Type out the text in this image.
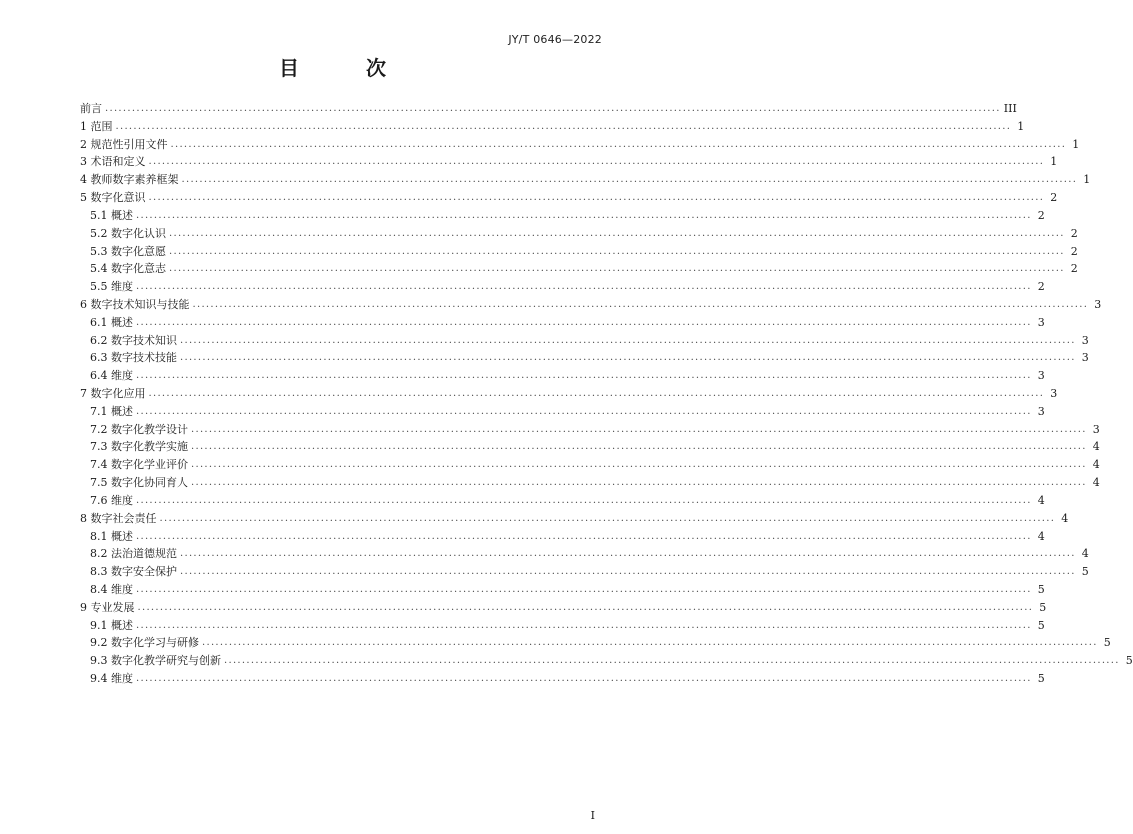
JY/T 0646—2022
目 次
前言 ........................................................................................................................................................................................................ III
1 范围 ........................................................................................................................................................................................................ 1
2 规范性引用文件 ........................................................................................................................................................................................................ 1
3 术语和定义 ........................................................................................................................................................................................................ 1
4 教师数字素养框架 ........................................................................................................................................................................................................ 1
5 数字化意识 ........................................................................................................................................................................................................ 2
5.1 概述 ........................................................................................................................................................................................................ 2
5.2 数字化认识 ........................................................................................................................................................................................................ 2
5.3 数字化意愿 ........................................................................................................................................................................................................ 2
5.4 数字化意志 ........................................................................................................................................................................................................ 2
5.5 维度 ........................................................................................................................................................................................................ 2
6 数字技术知识与技能 ........................................................................................................................................................................................................ 3
6.1 概述 ........................................................................................................................................................................................................ 3
6.2 数字技术知识 ........................................................................................................................................................................................................ 3
6.3 数字技术技能 ........................................................................................................................................................................................................ 3
6.4 维度 ........................................................................................................................................................................................................ 3
7 数字化应用 ........................................................................................................................................................................................................ 3
7.1 概述 ........................................................................................................................................................................................................ 3
7.2 数字化教学设计 ........................................................................................................................................................................................................ 3
7.3 数字化教学实施 ........................................................................................................................................................................................................ 4
7.4 数字化学业评价 ........................................................................................................................................................................................................ 4
7.5 数字化协同育人 ........................................................................................................................................................................................................ 4
7.6 维度 ........................................................................................................................................................................................................ 4
8 数字社会责任 ........................................................................................................................................................................................................ 4
8.1 概述 ........................................................................................................................................................................................................ 4
8.2 法治道德规范 ........................................................................................................................................................................................................ 4
8.3 数字安全保护 ........................................................................................................................................................................................................ 5
8.4 维度 ........................................................................................................................................................................................................ 5
9 专业发展 ........................................................................................................................................................................................................ 5
9.1 概述 ........................................................................................................................................................................................................ 5
9.2 数字化学习与研修 ........................................................................................................................................................................................................ 5
9.3 数字化教学研究与创新 ........................................................................................................................................................................................................ 5
9.4 维度 ........................................................................................................................................................................................................ 5
I
